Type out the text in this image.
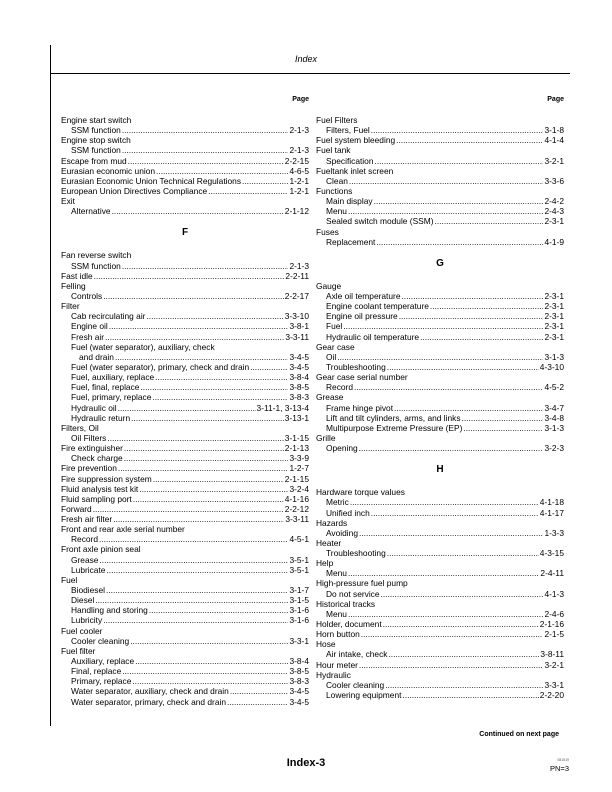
Index
Page
Engine start switch
SSM function .....	2-1-3
Engine stop switch
SSM function .....	2-1-3
Escape from mud .....	2-2-15
Eurasian economic union .....	4-6-5
Eurasian Economic Union Technical Regulations .....	1-2-1
European Union Directives Compliance .....	1-2-1
Exit
Alternative .....	2-1-12
F
Fan reverse switch
SSM function .....	2-1-3
Fast idle .....	2-2-11
Felling
Controls .....	2-2-17
Filter
Cab recirculating air .....	3-3-10
Engine oil .....	3-8-1
Fresh air .....	3-3-11
Fuel (water separator), auxiliary, check
and drain .....	3-4-5
Fuel (water separator), primary, check and drain .....	3-4-5
Fuel, auxiliary, replace .....	3-8-4
Fuel, final, replace .....	3-8-5
Fuel, primary, replace .....	3-8-3
Hydraulic oil .....	3-11-1, 3-13-4
Hydraulic return .....	3-13-1
Filters, Oil
Oil Filters .....	3-1-15
Fire extinguisher .....	2-1-13
Check charge .....	3-3-9
Fire prevention .....	1-2-7
Fire suppression system .....	2-1-15
Fluid analysis test kit .....	3-2-4
Fluid sampling port .....	4-1-16
Forward .....	2-2-12
Fresh air filter .....	3-3-11
Front and rear axle serial number
Record .....	4-5-1
Front axle pinion seal
Grease .....	3-5-1
Lubricate .....	3-5-1
Fuel
Biodiesel .....	3-1-7
Diesel .....	3-1-5
Handling and storing .....	3-1-6
Lubricity .....	3-1-6
Fuel cooler
Cooler cleaning .....	3-3-1
Fuel filter
Auxiliary, replace .....	3-8-4
Final, replace .....	3-8-5
Primary, replace .....	3-8-3
Water separator, auxiliary, check and drain .....	3-4-5
Water separator, primary, check and drain .....	3-4-5
Page
Fuel Filters
Filters, Fuel .....	3-1-8
Fuel system bleeding .....	4-1-4
Fuel tank
Specification .....	3-2-1
Fueltank inlet screen
Clean .....	3-3-6
Functions
Main display .....	2-4-2
Menu .....	2-4-3
Sealed switch module (SSM) .....	2-3-1
Fuses
Replacement .....	4-1-9
G
Gauge
Axle oil temperature .....	2-3-1
Engine coolant temperature .....	2-3-1
Engine oil pressure .....	2-3-1
Fuel .....	2-3-1
Hydraulic oil temperature .....	2-3-1
Gear case
Oil .....	3-1-3
Troubleshooting .....	4-3-10
Gear case serial number
Record .....	4-5-2
Grease
Frame hinge pivot .....	3-4-7
Lift and tilt cylinders, arms, and links .....	3-4-8
Multipurpose Extreme Pressure (EP) .....	3-1-3
Grille
Opening .....	3-2-3
H
Hardware torque values
Metric .....	4-1-18
Unified inch .....	4-1-17
Hazards
Avoiding .....	1-3-3
Heater
Troubleshooting .....	4-3-15
Help
Menu .....	2-4-11
High-pressure fuel pump
Do not service .....	4-1-3
Historical tracks
Menu .....	2-4-6
Holder, document .....	2-1-16
Horn button .....	2-1-5
Hose
Air intake, check .....	3-8-11
Hour meter .....	3-2-1
Hydraulic
Cooler cleaning .....	3-3-1
Lowering equipment .....	2-2-20
Continued on next page
Index-3	081519
PN=3
